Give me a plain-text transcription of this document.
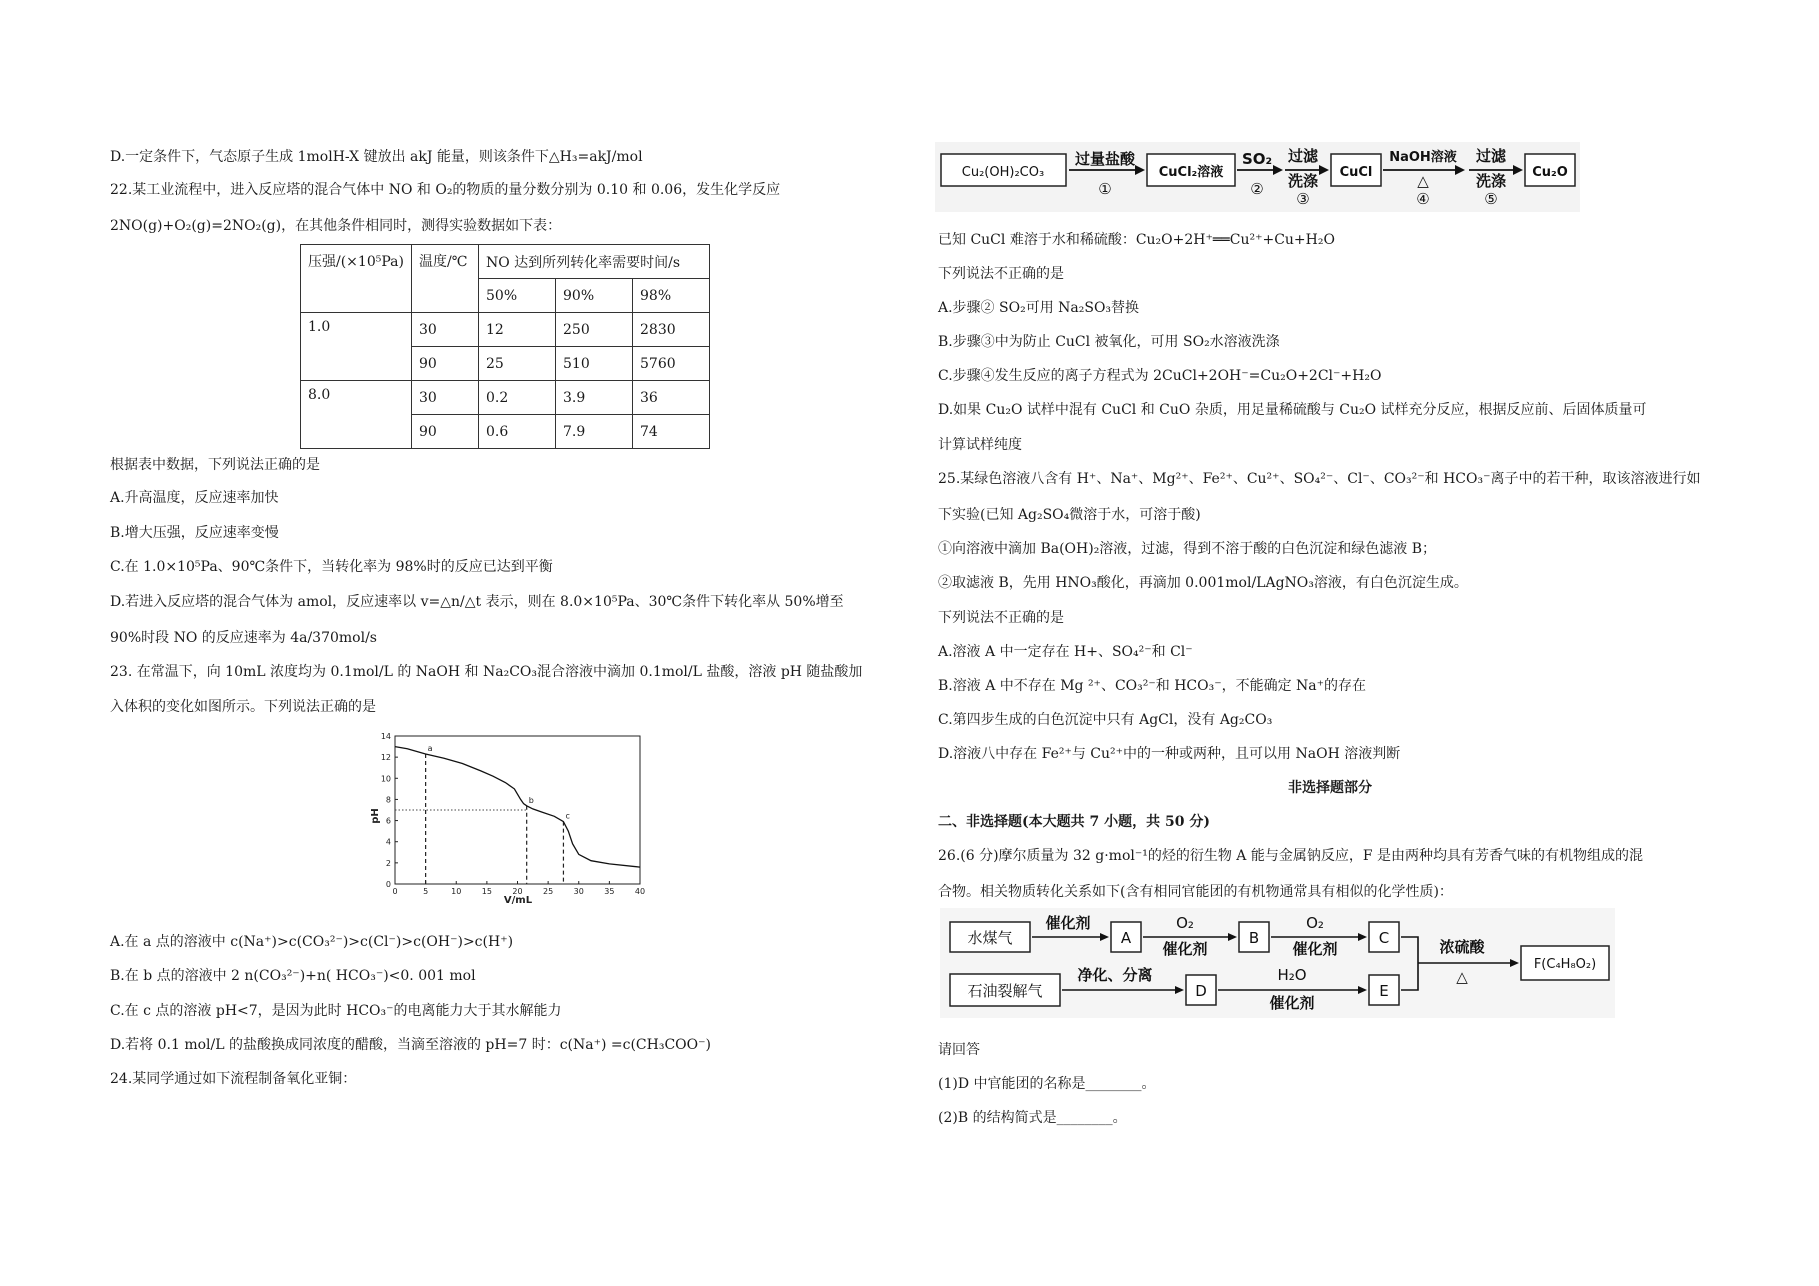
D.一定条件下，气态原子生成 1molH-X 键放出 akJ 能量，则该条件下△H₃=akJ/mol
22.某工业流程中，进入反应塔的混合气体中 NO 和 O₂的物质的量分数分别为 0.10 和 0.06，发生化学反应
2NO(g)+O₂(g)=2NO₂(g)，在其他条件相同时，测得实验数据如下表：
压强/(×10⁵Pa)	温度/℃	NO 达到所列转化率需要时间/s		
		50%	90%	98%
1.0	30	12	250	2830
	90	25	510	5760
8.0	30	0.2	3.9	36
	90	0.6	7.9	74
根据表中数据，下列说法正确的是
A.升高温度，反应速率加快
B.增大压强，反应速率变慢
C.在 1.0×10⁵Pa、90℃条件下，当转化率为 98%时的反应已达到平衡
D.若进入反应塔的混合气体为 amol，反应速率以 v=△n/△t 表示，则在 8.0×10⁵Pa、30℃条件下转化率从 50%增至
90%时段 NO 的反应速率为 4a/370mol/s
23. 在常温下，向 10mL 浓度均为 0.1mol/L 的 NaOH 和 Na₂CO₃混合溶液中滴加 0.1mol/L 盐酸，溶液 pH 随盐酸加
入体积的变化如图所示。下列说法正确的是
0
2
4
6
8
10
12
14
0	5	10	15	20	25	30	35	40
a
b
c
pH
V/mL
A.在 a 点的溶液中 c(Na⁺)>c(CO₃²⁻)>c(Cl⁻)>c(OH⁻)>c(H⁺)
B.在 b 点的溶液中 2 n(CO₃²⁻)+n( HCO₃⁻)<0. 001 mol
C.在 c 点的溶液 pH<7，是因为此时 HCO₃⁻的电离能力大于其水解能力
D.若将 0.1 mol/L 的盐酸换成同浓度的醋酸，当滴至溶液的 pH=7 时：c(Na⁺) =c(CH₃COO⁻)
24.某同学通过如下流程制备氧化亚铜：
Cu₂(OH)₂CO₃
过量盐酸
①
CuCl₂溶液
SO₂
②
过滤
洗涤
③
CuCl
NaOH溶液
△
④
过滤
洗涤
⑤
Cu₂O
已知 CuCl 难溶于水和稀硫酸：Cu₂O+2H⁺══Cu²⁺+Cu+H₂O
下列说法不正确的是
A.步骤② SO₂可用 Na₂SO₃替换
B.步骤③中为防止 CuCl 被氧化，可用 SO₂水溶液洗涤
C.步骤④发生反应的离子方程式为 2CuCl+2OH⁻=Cu₂O+2Cl⁻+H₂O
D.如果 Cu₂O 试样中混有 CuCl 和 CuO 杂质，用足量稀硫酸与 Cu₂O 试样充分反应，根据反应前、后固体质量可
计算试样纯度
25.某绿色溶液八含有 H⁺、Na⁺、Mg²⁺、Fe²⁺、Cu²⁺、SO₄²⁻、Cl⁻、CO₃²⁻和 HCO₃⁻离子中的若干种，取该溶液进行如
下实验(已知 Ag₂SO₄微溶于水，可溶于酸)
①向溶液中滴加 Ba(OH)₂溶液，过滤，得到不溶于酸的白色沉淀和绿色滤液 B；
②取滤液 B，先用 HNO₃酸化，再滴加 0.001mol/LAgNO₃溶液，有白色沉淀生成。
下列说法不正确的是
A.溶液 A 中一定存在 H+、SO₄²⁻和 Cl⁻
B.溶液 A 中不存在 Mg ²⁺、CO₃²⁻和 HCO₃⁻，不能确定 Na⁺的存在
C.第四步生成的白色沉淀中只有 AgCl，没有 Ag₂CO₃
D.溶液八中存在 Fe²⁺与 Cu²⁺中的一种或两种，且可以用 NaOH 溶液判断
非选择题部分
二、非选择题(本大题共 7 小题，共 50 分)
26.(6 分)摩尔质量为 32 g·mol⁻¹的烃的衍生物 A 能与金属钠反应，F 是由两种均具有芳香气味的有机物组成的混
合物。相关物质转化关系如下(含有相同官能团的有机物通常具有相似的化学性质)：
水煤气
催化剂
A
O₂
催化剂
B
O₂
催化剂
C
石油裂解气
净化、分离
D
H₂O
催化剂
E
浓硫酸
△
F(C₄H₈O₂)
请回答
(1)D 中官能团的名称是________。
(2)B 的结构简式是________。
